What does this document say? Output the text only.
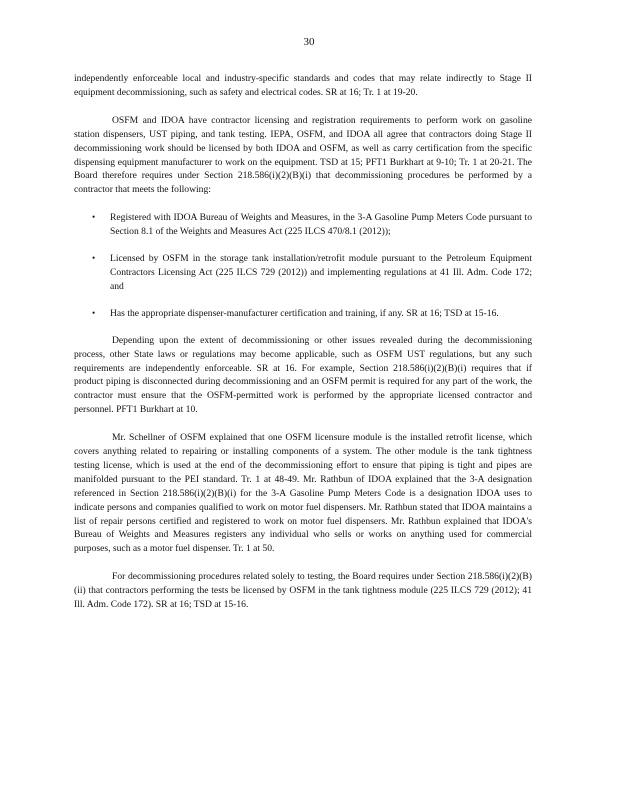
30

independently enforceable local and industry-specific standards and codes that may relate indirectly to Stage II equipment decommissioning, such as safety and electrical codes. SR at 16; Tr. 1 at 19-20.

OSFM and IDOA have contractor licensing and registration requirements to perform work on gasoline station dispensers, UST piping, and tank testing. IEPA, OSFM, and IDOA all agree that contractors doing Stage II decommissioning work should be licensed by both IDOA and OSFM, as well as carry certification from the specific dispensing equipment manufacturer to work on the equipment. TSD at 15; PFT1 Burkhart at 9-10; Tr. 1 at 20-21. The Board therefore requires under Section 218.586(i)(2)(B)(i) that decommissioning procedures be performed by a contractor that meets the following:

• Registered with IDOA Bureau of Weights and Measures, in the 3-A Gasoline Pump Meters Code pursuant to Section 8.1 of the Weights and Measures Act (225 ILCS 470/8.1 (2012));
• Licensed by OSFM in the storage tank installation/retrofit module pursuant to the Petroleum Equipment Contractors Licensing Act (225 ILCS 729 (2012)) and implementing regulations at 41 Ill. Adm. Code 172; and
• Has the appropriate dispenser-manufacturer certification and training, if any. SR at 16; TSD at 15-16.

Depending upon the extent of decommissioning or other issues revealed during the decommissioning process, other State laws or regulations may become applicable, such as OSFM UST regulations, but any such requirements are independently enforceable. SR at 16. For example, Section 218.586(i)(2)(B)(i) requires that if product piping is disconnected during decommissioning and an OSFM permit is required for any part of the work, the contractor must ensure that the OSFM-permitted work is performed by the appropriate licensed contractor and personnel. PFT1 Burkhart at 10.

Mr. Schellner of OSFM explained that one OSFM licensure module is the installed retrofit license, which covers anything related to repairing or installing components of a system. The other module is the tank tightness testing license, which is used at the end of the decommissioning effort to ensure that piping is tight and pipes are manifolded pursuant to the PEI standard. Tr. 1 at 48-49. Mr. Rathbun of IDOA explained that the 3-A designation referenced in Section 218.586(i)(2)(B)(i) for the 3-A Gasoline Pump Meters Code is a designation IDOA uses to indicate persons and companies qualified to work on motor fuel dispensers. Mr. Rathbun stated that IDOA maintains a list of repair persons certified and registered to work on motor fuel dispensers. Mr. Rathbun explained that IDOA's Bureau of Weights and Measures registers any individual who sells or works on anything used for commercial purposes, such as a motor fuel dispenser. Tr. 1 at 50.

For decommissioning procedures related solely to testing, the Board requires under Section 218.586(i)(2)(B)(ii) that contractors performing the tests be licensed by OSFM in the tank tightness module (225 ILCS 729 (2012); 41 Ill. Adm. Code 172). SR at 16; TSD at 15-16.
